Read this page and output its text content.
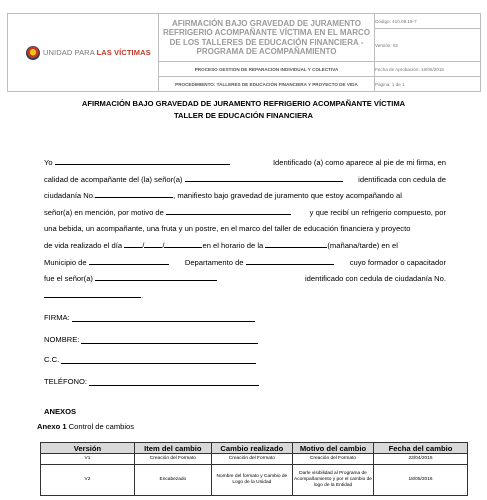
UNIDAD PARA LAS VÍCTIMAS	AFIRMACIÓN BAJO GRAVEDAD DE JURAMENTO REFRIGERIO ACOMPAÑANTE VÍCTIMA EN EL MARCO DE LOS TALLERES DE EDUCACIÓN FINANCIERA - PROGRAMA DE ACOMPAÑAMIENTO	Código: 410.08.15-7
		Versión: 02
	PROCESO GESTION DE REPARACION INDIVIDUAL Y COLECTIVA	Fecha de Aprobación: 18/05/2016
	PROCEDIMIENTO: TALLERES DE EDUCACIÓN FINANCIERA Y PROYECTO DE VIDA	Página: 1 de 1
AFIRMACIÓN BAJO GRAVEDAD DE JURAMENTO REFRIGERIO ACOMPAÑANTE VÍCTIMA
TALLER DE EDUCACIÓN FINANCIERA
Yo	Identificado (a) como aparece al pie de mi firma, en
calidad de acompañante del (la) señor(a)	identificada con cedula de
ciudadanía No.	, manifiesto bajo gravedad de juramento que estoy acompañando al
señor(a) en mención, por motivo de	y que recibí un refrigerio compuesto, por
una bebida, un acompañante, una fruta y un postre, en el marco del taller de educación financiera y proyecto
de vida realizado el día	/ /	en el horario de la	(mañana/tarde) en el
Municipio de	Departamento de	cuyo formador o capacitador
fue el señor(a)	identificado con cedula de ciudadanía No.
.
FIRMA:
NOMBRE:
C.C.
TELÉFONO:
ANEXOS
Anexo 1 Control de cambios
Versión	Item del cambio	Cambio realizado	Motivo del cambio	Fecha del cambio
V1	Creación del Formato	Creación del Formato	Creación del Formato	23/04/2015
V2	Encabezado	Nombre del formato y Cambio de Logo de la Unidad	Darle visibilidad al Programa de Acompañamiento y por el cambio de logo de la Entidad	18/05/2016
